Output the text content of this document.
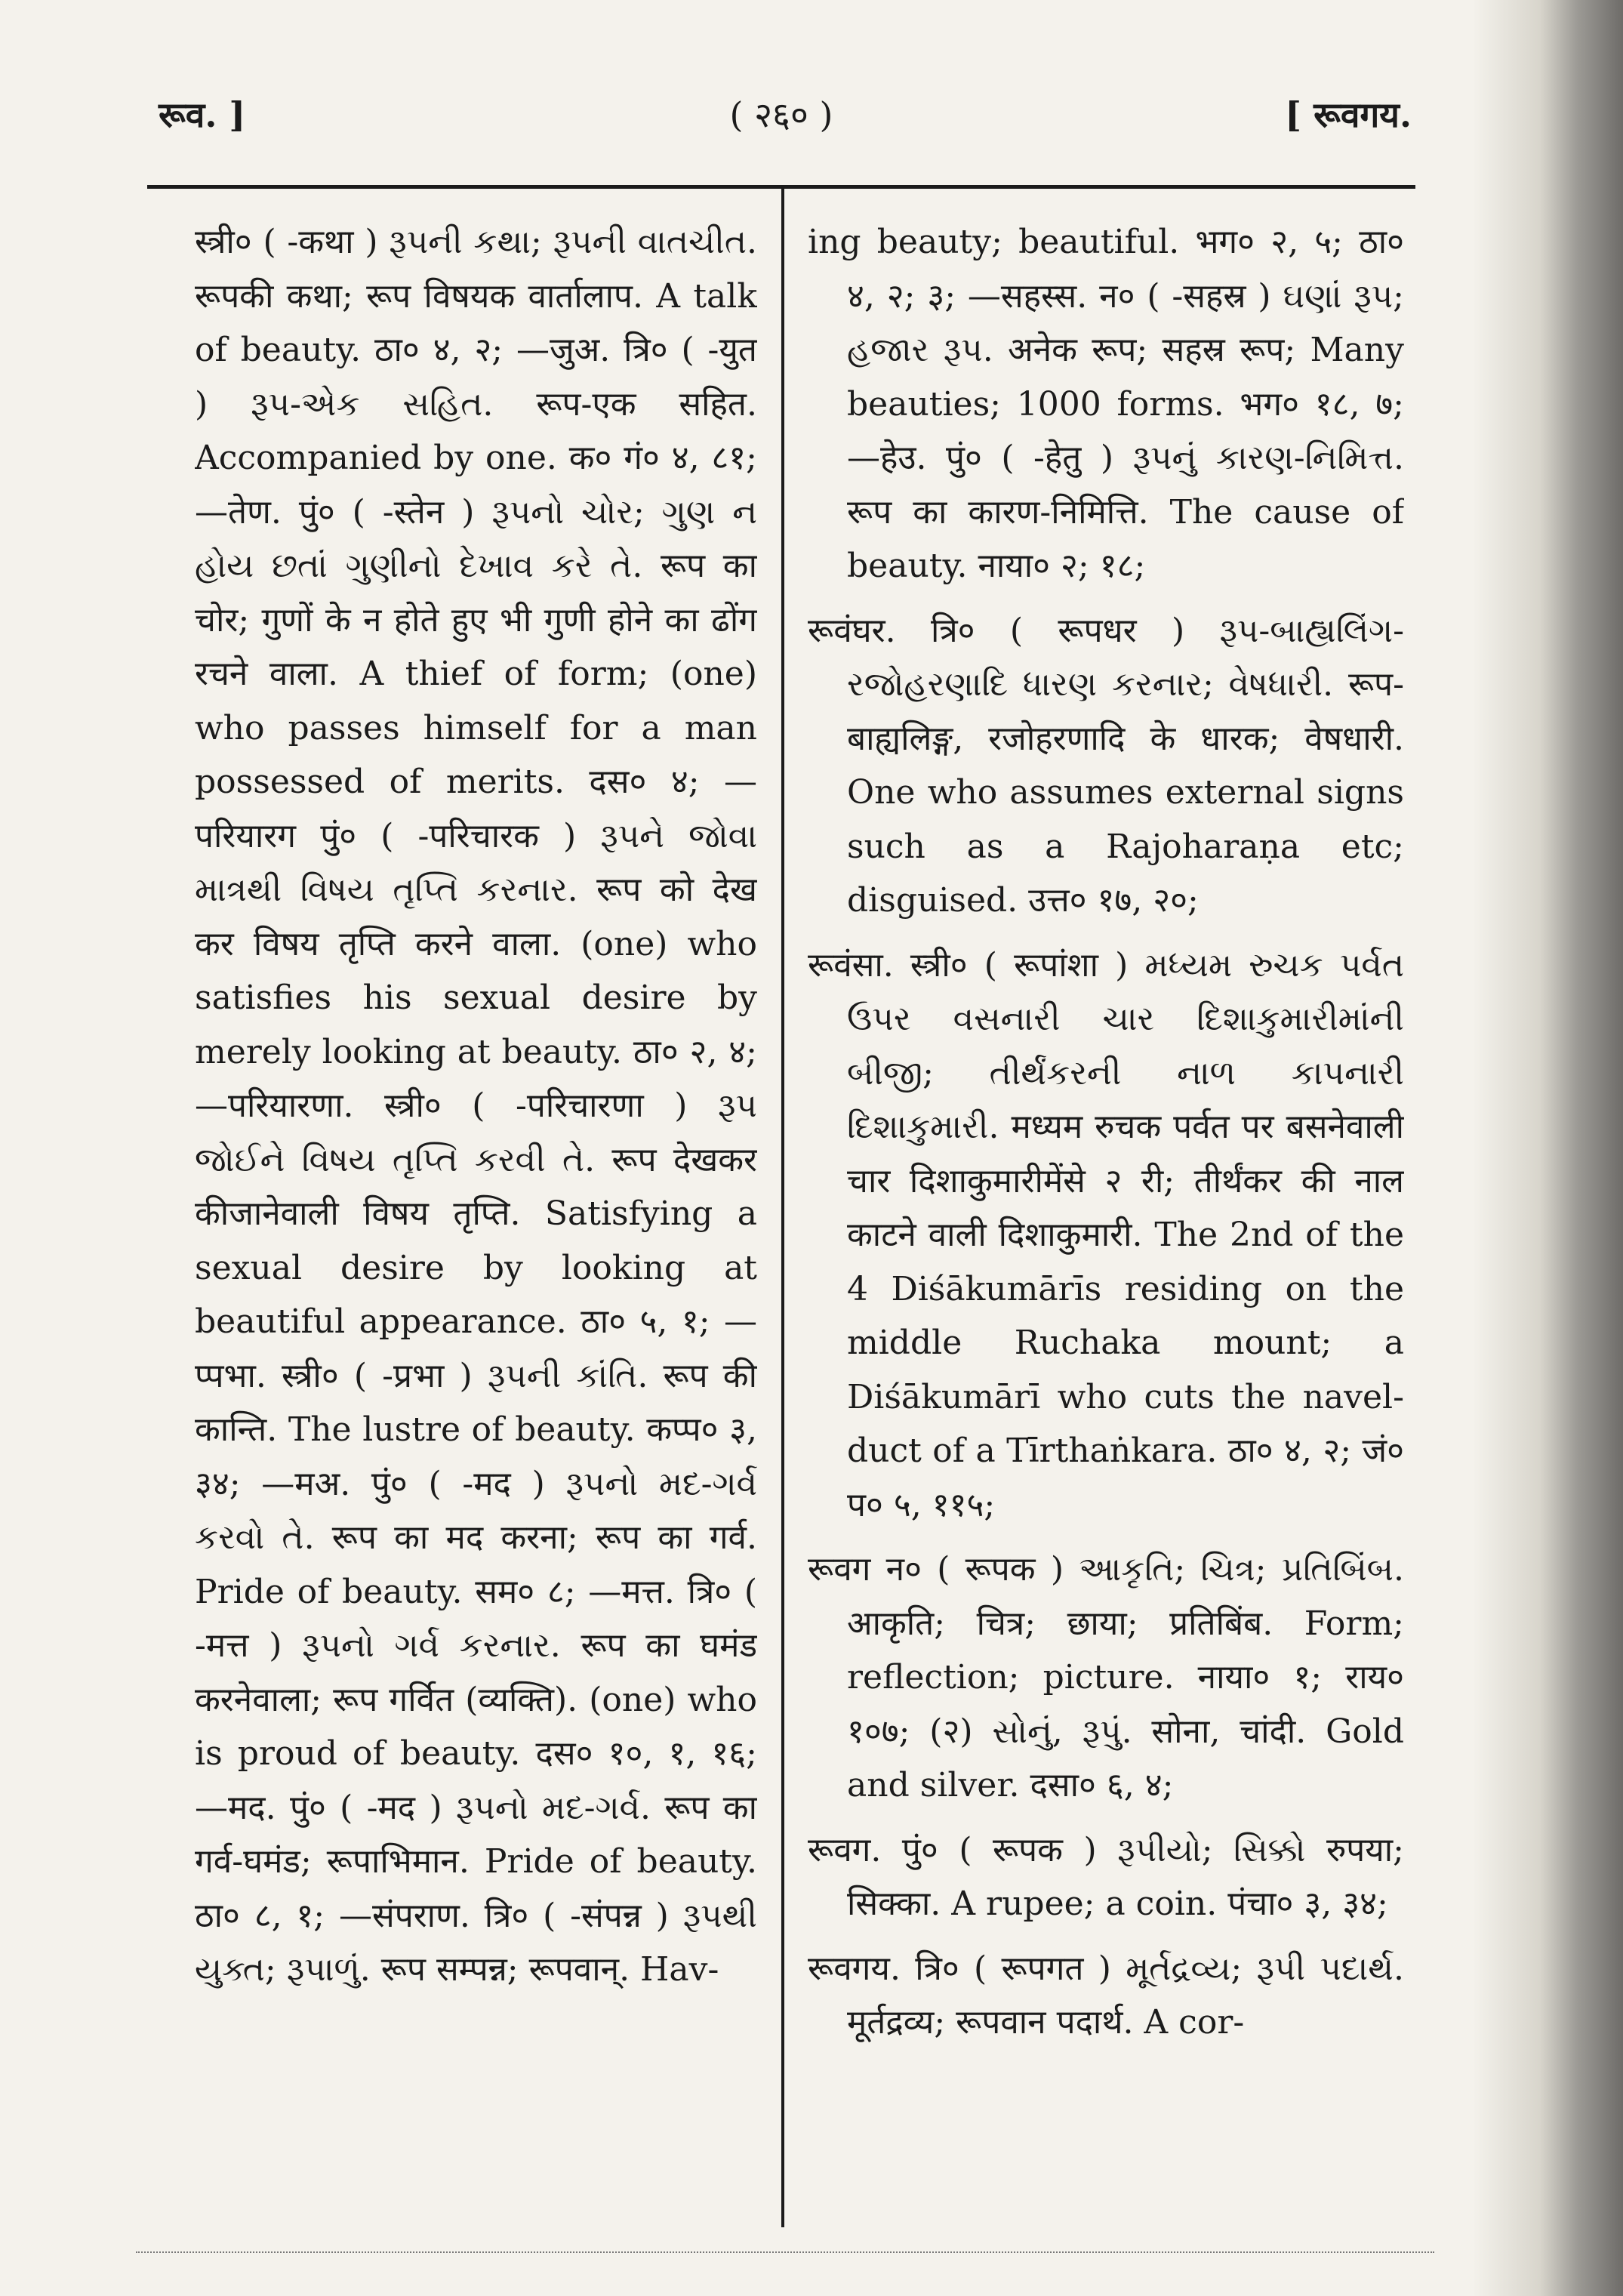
रूव. ]	( २६० )	[ रूवगय.

स्त्री० ( -कथा ) રૂપની કથા; રૂપની વાતચીત. रूपकी कथा; रूप विषयक वार्तालाप. A talk of beauty. ठा० ४, २; —जुअ. त्रि० ( -युत ) રૂપ-એક સહિત. रूप-एक सहित. Accompanied by one. क० गं० ४, ८१; —तेण. पुं० ( -स्तेन ) રૂપનો ચોર; ગુણ ન હોય છતાં ગુણીનો દેખાવ કરે તે. रूप का चोर; गुणों के न होते हुए भी गुणी होने का ढोंग रचने वाला. A thief of form; (one) who passes himself for a man possessed of merits. दस० ४; —परियारग पुं० ( -परिचारक ) રૂપને જોવા માત્રથી વિષય તૃપ્તિ કરનાર. रूप को देख कर विषय तृप्ति करने वाला. (one) who satisfies his sexual desire by merely looking at beauty. ठा० २, ४; —परियारणा. स्त्री० ( -परिचारणा ) રૂપ જોઈને વિષય તૃપ્તિ કરવી તે. रूप देखकर कीजानेवाली विषय तृप्ति. Satisfying a sexual desire by looking at beautiful appearance. ठा० ५, १; —प्पभा. स्त्री० ( -प्रभा ) રૂપની કાંતિ. रूप की कान्ति. The lustre of beauty. कप्प० ३, ३४; —मअ. पुं० ( -मद ) રૂપનો મદ-ગર્વ કરવો તે. रूप का मद करना; रूप का गर्व. Pride of beauty. सम० ८; —मत्त. त्रि० ( -मत्त ) રૂપનો ગર્વ કરનાર. रूप का घमंड करनेवाला; रूप गर्वित (व्यक्ति). (one) who is proud of beauty. दस० १०, १, १६; —मद. पुं० ( -मद ) રૂપનો મદ-ગર્વ. रूप का गर्व-घमंड; रूपाभिमान. Pride of beauty. ठा० ८, १; —संपराण. त्रि० ( -संपन्न ) રૂપથી યુક્ત; રૂપાળું. रूप सम्पन्न; रूपवान्. Hav-

ing beauty; beautiful. भग० २, ५; ठा० ४, २; ३; —सहस्स. न० ( -सहस्र ) ઘણાં રૂપ; હજાર રૂપ. अनेक रूप; सहस्र रूप; Many beauties; 1000 forms. भग० १८, ७; —हेउ. पुं० ( -हेतु ) રૂપનું કારણ-નિમિત્ત. रूप का कारण-निमित्ति. The cause of beauty. नाया० २; १८;

रूवंघर. त्रि० ( रूपधर ) રૂપ-બાહ્યલિંગ-રજોહરણાદિ ધારણ કરનાર; વેષધારી. रूप-बाह्यलिङ्ग, रजोहरणादि के धारक; वेषधारी. One who assumes external signs such as a Rajoharaṇa etc; disguised. उत्त० १७, २०;

रूवंसा. स्त्री० ( रूपांशा ) મધ્યમ રુચક પર્વત ઉપર વસનારી ચાર દિશાકુમારીમાંની બીજી; તીર્થંકરની નાળ કાપનારી દિશાકુમારી. मध्यम रुचक पर्वत पर बसनेवाली चार दिशाकुमारीमेंसे २ री; तीर्थंकर की नाल काटने वाली दिशाकुमारी. The 2nd of the 4 Diśākumārīs residing on the middle Ruchaka mount; a Diśākumārī who cuts the navel-duct of a Tīrthaṅkara. ठा० ४, २; जं० प० ५, ११५;

रूवग न० ( रूपक ) આકૃતિ; ચિત્ર; પ્રતિબિંબ. आकृति; चित्र; छाया; प्रतिबिंब. Form; reflection; picture. नाया० १; राय० १०७; (२) સોનું, રૂપું. सोना, चांदी. Gold and silver. दसा० ६, ४;

रूवग. पुं० ( रूपक ) રૂપીયો; સિક્કો रुपया; सिक्का. A rupee; a coin. पंचा० ३, ३४;

रूवगय. त्रि० ( रूपगत ) મૂર્તદ્રવ્ય; રૂપી પદાર્થ. मूर्तद्रव्य; रूपवान पदार्थ. A cor-
